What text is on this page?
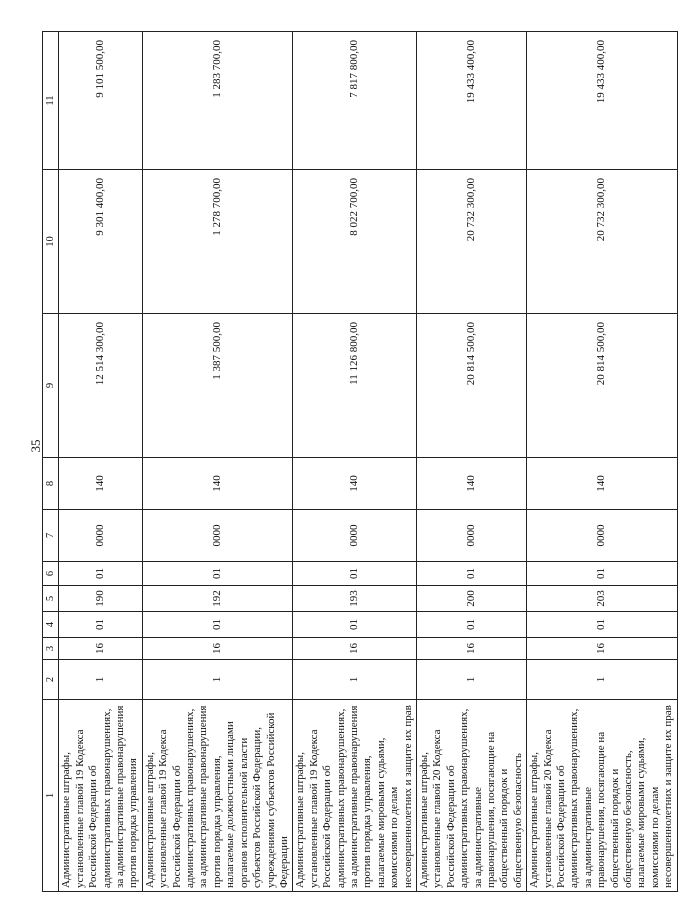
35
1	2	3	4	5	6	7	8	9	10	11
Административные штрафы, установленные главой 19 Кодекса Российской Федерации об административных правонарушениях, за административные правонарушения против порядка управления	1	16	01	190	01	0000	140	12 514 300,00	9 301 400,00	9 101 500,00
Административные штрафы, установленные главой 19 Кодекса Российской Федерации об административных правонарушениях, за административные правонарушения против порядка управления, налагаемые должностными лицами органов исполнительной власти субъектов Российской Федерации, учреждениями субъектов Российской Федерации	1	16	01	192	01	0000	140	1 387 500,00	1 278 700,00	1 283 700,00
Административные штрафы, установленные главой 19 Кодекса Российской Федерации об административных правонарушениях, за административные правонарушения против порядка управления, налагаемые мировыми судьями, комиссиями по делам несовершеннолетних и защите их прав	1	16	01	193	01	0000	140	11 126 800,00	8 022 700,00	7 817 800,00
Административные штрафы, установленные главой 20 Кодекса Российской Федерации об административных правонарушениях, за административные правонарушения, посягающие на общественный порядок и общественную безопасность	1	16	01	200	01	0000	140	20 814 500,00	20 732 300,00	19 433 400,00
Административные штрафы, установленные главой 20 Кодекса Российской Федерации об административных правонарушениях, за административные правонарушения, посягающие на общественный порядок и общественную безопасность, налагаемые мировыми судьями, комиссиями по делам несовершеннолетних и защите их прав	1	16	01	203	01	0000	140	20 814 500,00	20 732 300,00	19 433 400,00
